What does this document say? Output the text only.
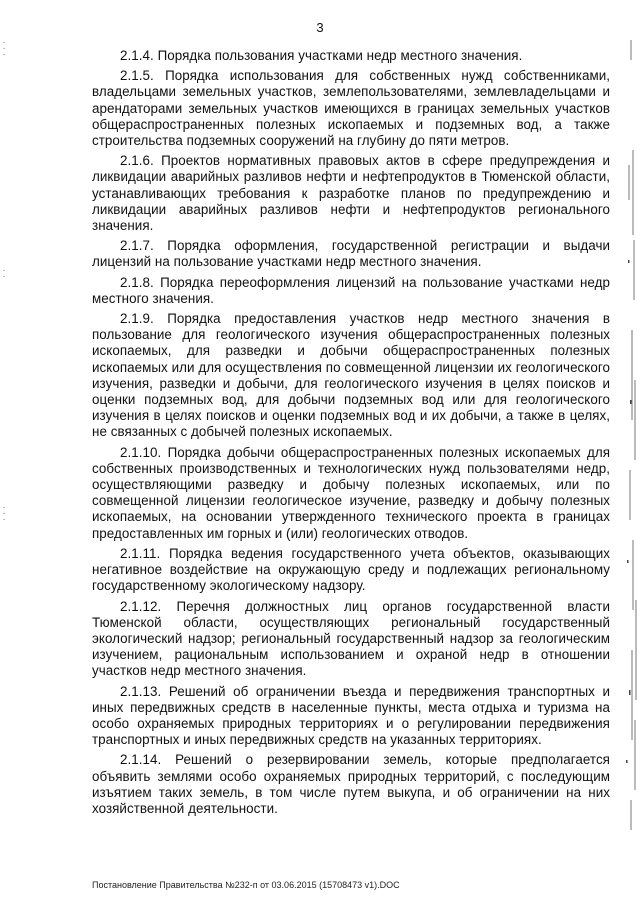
·
·
·
·
·
·
·
·
3

2.1.4. Порядка пользования участками недр местного значения.

2.1.5. Порядка использования для собственных нужд собственниками, владельцами земельных участков, землепользователями, землевладельцами и арендаторами земельных участков имеющихся в границах земельных участков общераспространенных полезных ископаемых и подземных вод, а также строительства подземных сооружений на глубину до пяти метров.

2.1.6. Проектов нормативных правовых актов в сфере предупреждения и ликвидации аварийных разливов нефти и нефтепродуктов в Тюменской области, устанавливающих требования к разработке планов по предупреждению и ликвидации аварийных разливов нефти и нефтепродуктов регионального значения.

2.1.7. Порядка оформления, государственной регистрации и выдачи лицензий на пользование участками недр местного значения.

2.1.8. Порядка переоформления лицензий на пользование участками недр местного значения.

2.1.9. Порядка предоставления участков недр местного значения в пользование для геологического изучения общераспространенных полезных ископаемых, для разведки и добычи общераспространенных полезных ископаемых или для осуществления по совмещенной лицензии их геологического изучения, разведки и добычи, для геологического изучения в целях поисков и оценки подземных вод, для добычи подземных вод или для геологического изучения в целях поисков и оценки подземных вод и их добычи, а также в целях, не связанных с добычей полезных ископаемых.

2.1.10. Порядка добычи общераспространенных полезных ископаемых для собственных производственных и технологических нужд пользователями недр, осуществляющими разведку и добычу полезных ископаемых, или по совмещенной лицензии геологическое изучение, разведку и добычу полезных ископаемых, на основании утвержденного технического проекта в границах предоставленных им горных и (или) геологических отводов.

2.1.11. Порядка ведения государственного учета объектов, оказывающих негативное воздействие на окружающую среду и подлежащих региональному государственному экологическому надзору.

2.1.12. Перечня должностных лиц органов государственной власти Тюменской области, осуществляющих региональный государственный экологический надзор; региональный государственный надзор за геологическим изучением, рациональным использованием и охраной недр в отношении участков недр местного значения.

2.1.13. Решений об ограничении въезда и передвижения транспортных и иных передвижных средств в населенные пункты, места отдыха и туризма на особо охраняемых природных территориях и о регулировании передвижения транспортных и иных передвижных средств на указанных территориях.

2.1.14. Решений о резервировании земель, которые предполагается объявить землями особо охраняемых природных территорий, с последующим изъятием таких земель, в том числе путем выкупа, и об ограничении на них хозяйственной деятельности.

Постановление Правительства №232-п от 03.06.2015 (15708473 v1).DOC
